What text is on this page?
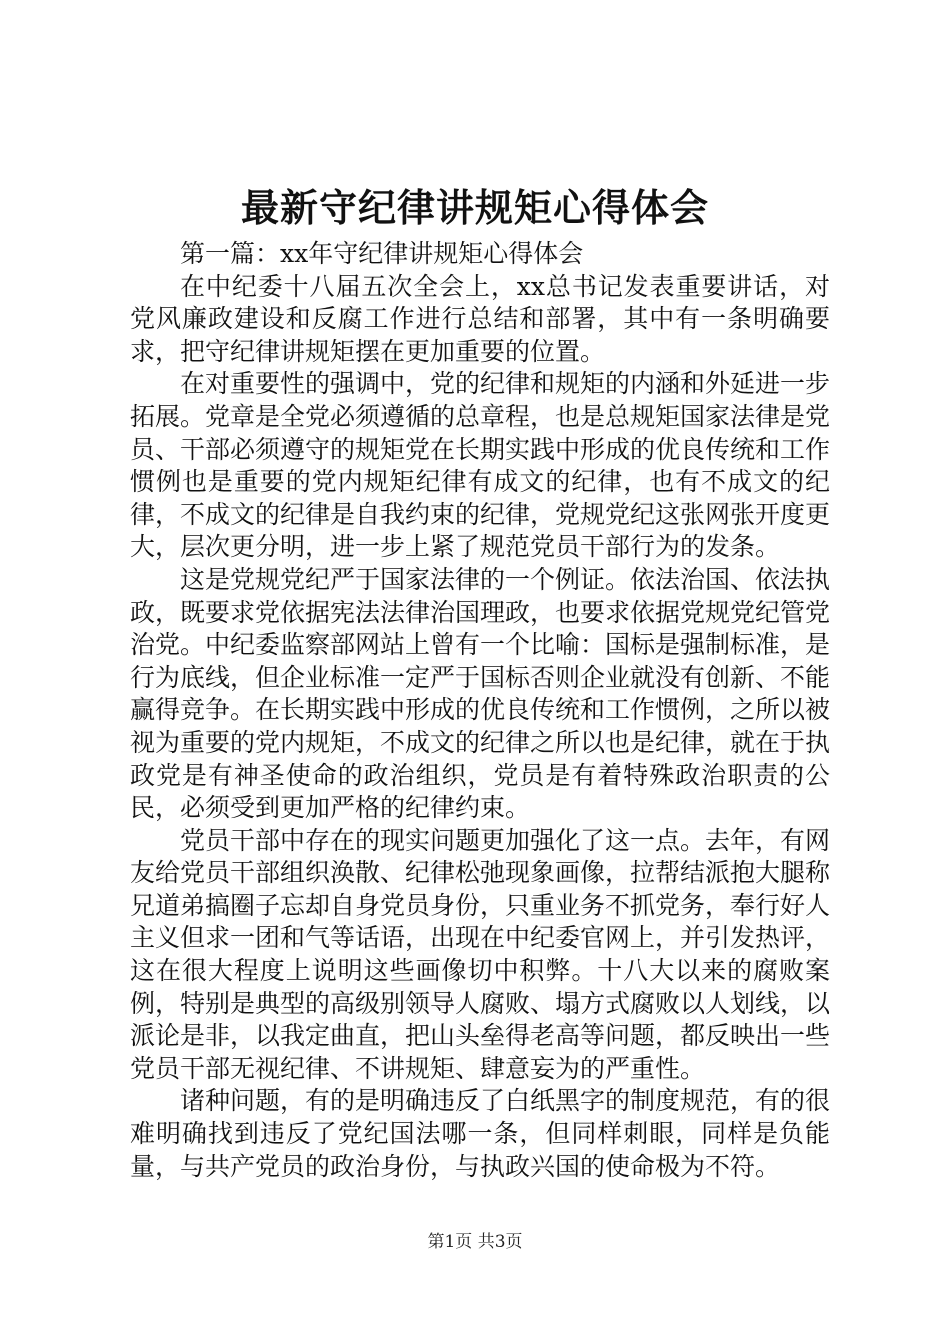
最新守纪律讲规矩心得体会

第一篇：xx年守纪律讲规矩心得体会

在中纪委十八届五次全会上，xx总书记发表重要讲话，对党风廉政建设和反腐工作进行总结和部署，其中有一条明确要求，把守纪律讲规矩摆在更加重要的位置。

在对重要性的强调中，党的纪律和规矩的内涵和外延进一步拓展。党章是全党必须遵循的总章程，也是总规矩国家法律是党员、干部必须遵守的规矩党在长期实践中形成的优良传统和工作惯例也是重要的党内规矩纪律有成文的纪律，也有不成文的纪律，不成文的纪律是自我约束的纪律，党规党纪这张网张开度更大，层次更分明，进一步上紧了规范党员干部行为的发条。

这是党规党纪严于国家法律的一个例证。依法治国、依法执政，既要求党依据宪法法律治国理政，也要求依据党规党纪管党治党。中纪委监察部网站上曾有一个比喻：国标是强制标准，是行为底线，但企业标准一定严于国标否则企业就没有创新、不能赢得竞争。在长期实践中形成的优良传统和工作惯例，之所以被视为重要的党内规矩，不成文的纪律之所以也是纪律，就在于执政党是有神圣使命的政治组织，党员是有着特殊政治职责的公民，必须受到更加严格的纪律约束。

党员干部中存在的现实问题更加强化了这一点。去年，有网友给党员干部组织涣散、纪律松弛现象画像，拉帮结派抱大腿称兄道弟搞圈子忘却自身党员身份，只重业务不抓党务，奉行好人主义但求一团和气等话语，出现在中纪委官网上，并引发热评，这在很大程度上说明这些画像切中积弊。十八大以来的腐败案例，特别是典型的高级别领导人腐败、塌方式腐败以人划线，以派论是非，以我定曲直，把山头垒得老高等问题，都反映出一些党员干部无视纪律、不讲规矩、肆意妄为的严重性。

诸种问题，有的是明确违反了白纸黑字的制度规范，有的很难明确找到违反了党纪国法哪一条，但同样刺眼，同样是负能量，与共产党员的政治身份，与执政兴国的使命极为不符。

第1页 共3页
